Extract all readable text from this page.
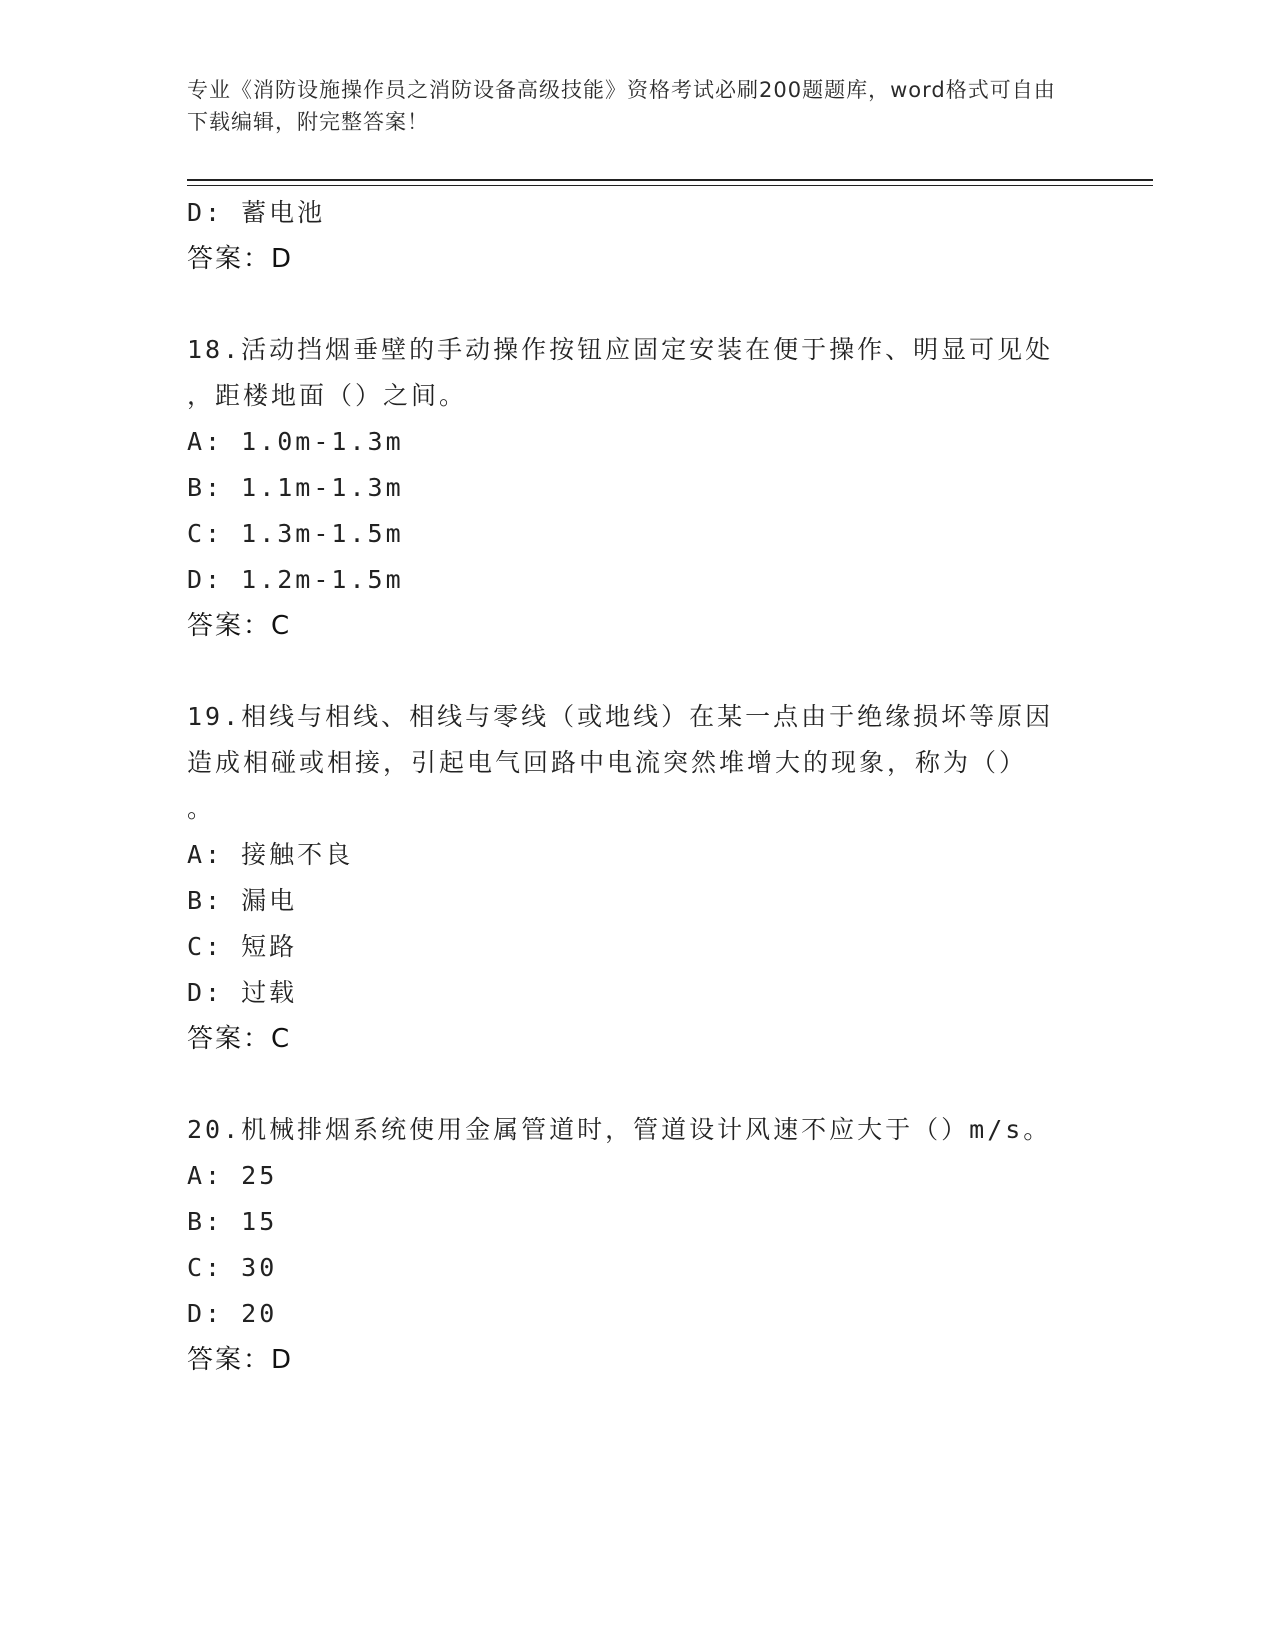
专业《消防设施操作员之消防设备高级技能》资格考试必刷200题题库，word格式可自由下载编辑，附完整答案！
D: 蓄电池
答案：D
18.活动挡烟垂壁的手动操作按钮应固定安装在便于操作、明显可见处
，距楼地面（）之间。
A: 1.0m-1.3m
B: 1.1m-1.3m
C: 1.3m-1.5m
D: 1.2m-1.5m
答案：C
19.相线与相线、相线与零线（或地线）在某一点由于绝缘损坏等原因
造成相碰或相接，引起电气回路中电流突然堆增大的现象，称为（）
。
A: 接触不良
B: 漏电
C: 短路
D: 过载
答案：C
20.机械排烟系统使用金属管道时，管道设计风速不应大于（）m/s。
A: 25
B: 15
C: 30
D: 20
答案：D
